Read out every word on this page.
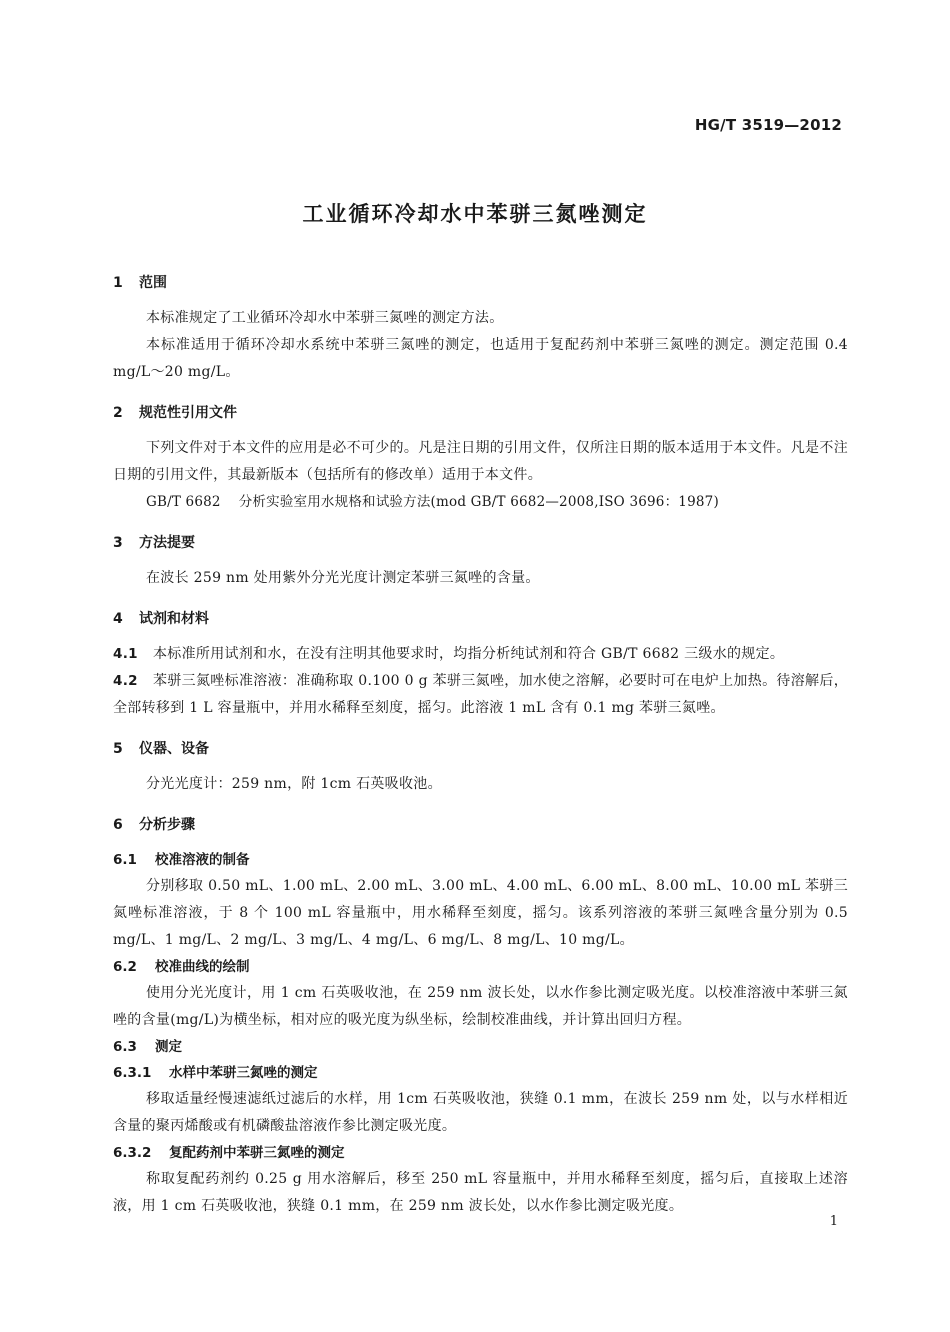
HG/T 3519—2012
工业循环冷却水中苯骈三氮唑测定
1 范围
本标准规定了工业循环冷却水中苯骈三氮唑的测定方法。
本标准适用于循环冷却水系统中苯骈三氮唑的测定，也适用于复配药剂中苯骈三氮唑的测定。测定范围 0.4 mg/L～20 mg/L。
2 规范性引用文件
下列文件对于本文件的应用是必不可少的。凡是注日期的引用文件，仅所注日期的版本适用于本文件。凡是不注日期的引用文件，其最新版本（包括所有的修改单）适用于本文件。
GB/T 6682 分析实验室用水规格和试验方法(mod GB/T 6682—2008,ISO 3696：1987)
3 方法提要
在波长 259 nm 处用紫外分光光度计测定苯骈三氮唑的含量。
4 试剂和材料
4.1 本标准所用试剂和水，在没有注明其他要求时，均指分析纯试剂和符合 GB/T 6682 三级水的规定。
4.2 苯骈三氮唑标准溶液：准确称取 0.100 0 g 苯骈三氮唑，加水使之溶解，必要时可在电炉上加热。待溶解后，全部转移到 1 L 容量瓶中，并用水稀释至刻度，摇匀。此溶液 1 mL 含有 0.1 mg 苯骈三氮唑。
5 仪器、设备
分光光度计：259 nm，附 1cm 石英吸收池。
6 分析步骤
6.1 校准溶液的制备
分别移取 0.50 mL、1.00 mL、2.00 mL、3.00 mL、4.00 mL、6.00 mL、8.00 mL、10.00 mL 苯骈三氮唑标准溶液，于 8 个 100 mL 容量瓶中，用水稀释至刻度，摇匀。该系列溶液的苯骈三氮唑含量分别为 0.5 mg/L、1 mg/L、2 mg/L、3 mg/L、4 mg/L、6 mg/L、8 mg/L、10 mg/L。
6.2 校准曲线的绘制
使用分光光度计，用 1 cm 石英吸收池，在 259 nm 波长处，以水作参比测定吸光度。以校准溶液中苯骈三氮唑的含量(mg/L)为横坐标，相对应的吸光度为纵坐标，绘制校准曲线，并计算出回归方程。
6.3 测定
6.3.1 水样中苯骈三氮唑的测定
移取适量经慢速滤纸过滤后的水样，用 1cm 石英吸收池，狭缝 0.1 mm，在波长 259 nm 处，以与水样相近含量的聚丙烯酸或有机磷酸盐溶液作参比测定吸光度。
6.3.2 复配药剂中苯骈三氮唑的测定
称取复配药剂约 0.25 g 用水溶解后，移至 250 mL 容量瓶中，并用水稀释至刻度，摇匀后，直接取上述溶液，用 1 cm 石英吸收池，狭缝 0.1 mm，在 259 nm 波长处，以水作参比测定吸光度。
1
